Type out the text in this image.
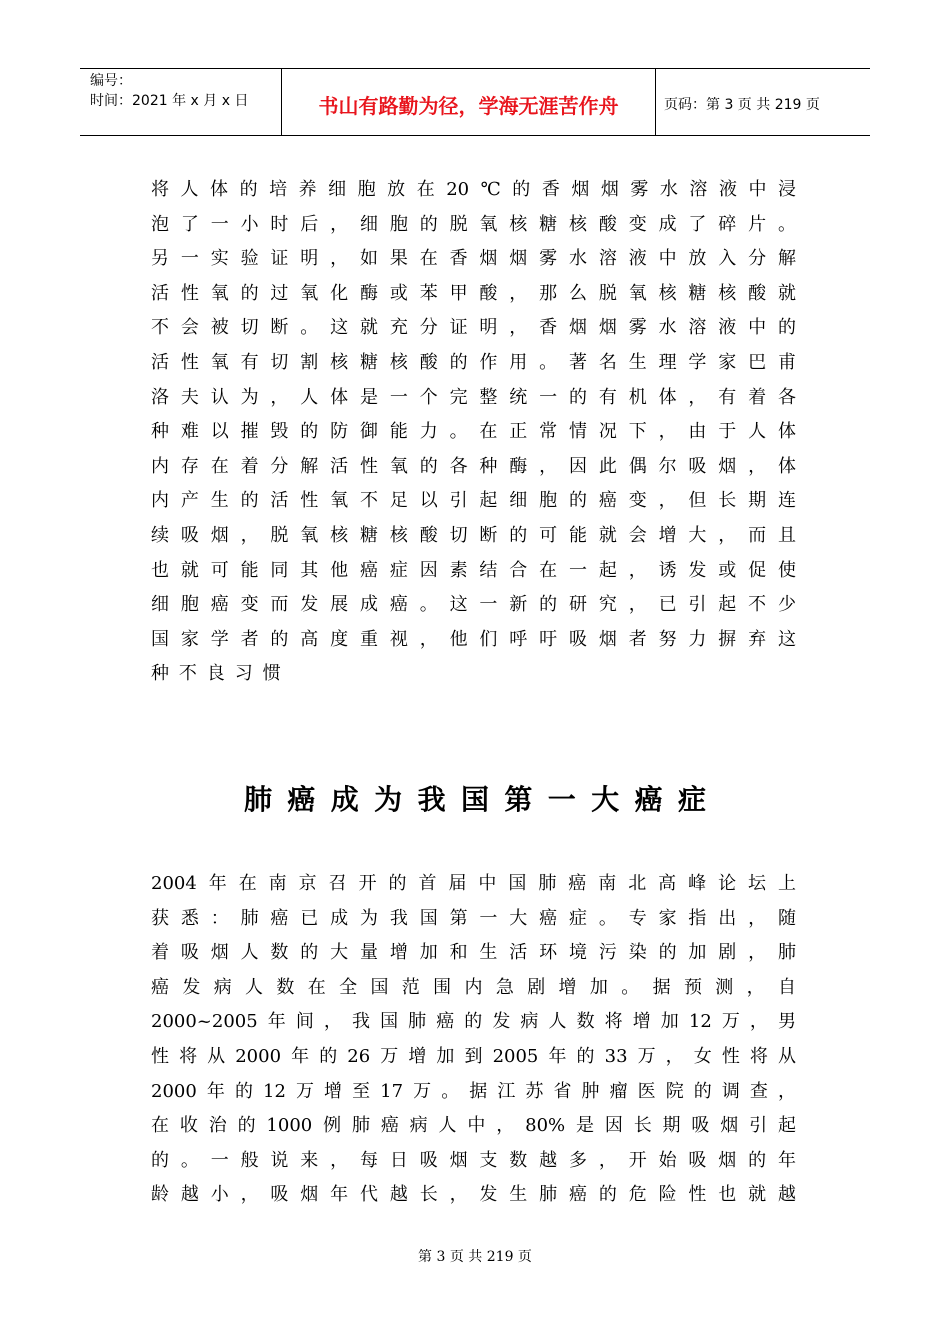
编号：
时间：2021 年 x 月 x 日	书山有路勤为径，学海无涯苦作舟	页码：第 3 页 共 219 页
将人体的培养细胞放在20℃的香烟烟雾水溶液中浸
泡了一小时后，细胞的脱氧核糖核酸变成了碎片。
另一实验证明，如果在香烟烟雾水溶液中放入分解
活性氧的过氧化酶或苯甲酸，那么脱氧核糖核酸就
不会被切断。这就充分证明，香烟烟雾水溶液中的
活性氧有切割核糖核酸的作用。著名生理学家巴甫
洛夫认为，人体是一个完整统一的有机体，有着各
种难以摧毁的防御能力。在正常情况下，由于人体
内存在着分解活性氧的各种酶，因此偶尔吸烟，体
内产生的活性氧不足以引起细胞的癌变，但长期连
续吸烟，脱氧核糖核酸切断的可能就会增大，而且
也就可能同其他癌症因素结合在一起，诱发或促使
细胞癌变而发展成癌。这一新的研究，已引起不少
国家学者的高度重视，他们呼吁吸烟者努力摒弃这
种不良习惯
肺癌成为我国第一大癌症
2004年在南京召开的首届中国肺癌南北高峰论坛上
获悉：肺癌已成为我国第一大癌症。专家指出，随
着吸烟人数的大量增加和生活环境污染的加剧，肺
癌发病人数在全国范围内急剧增加。据预测，自
2000~2005年间，我国肺癌的发病人数将增加12万，男
性将从2000年的26万增加到2005年的33万，女性将从
2000年的12万增至17万。据江苏省肿瘤医院的调查，
在收治的1000例肺癌病人中，80%是因长期吸烟引起
的。一般说来，每日吸烟支数越多，开始吸烟的年
龄越小，吸烟年代越长，发生肺癌的危险性也就越
第 3 页 共 219 页
